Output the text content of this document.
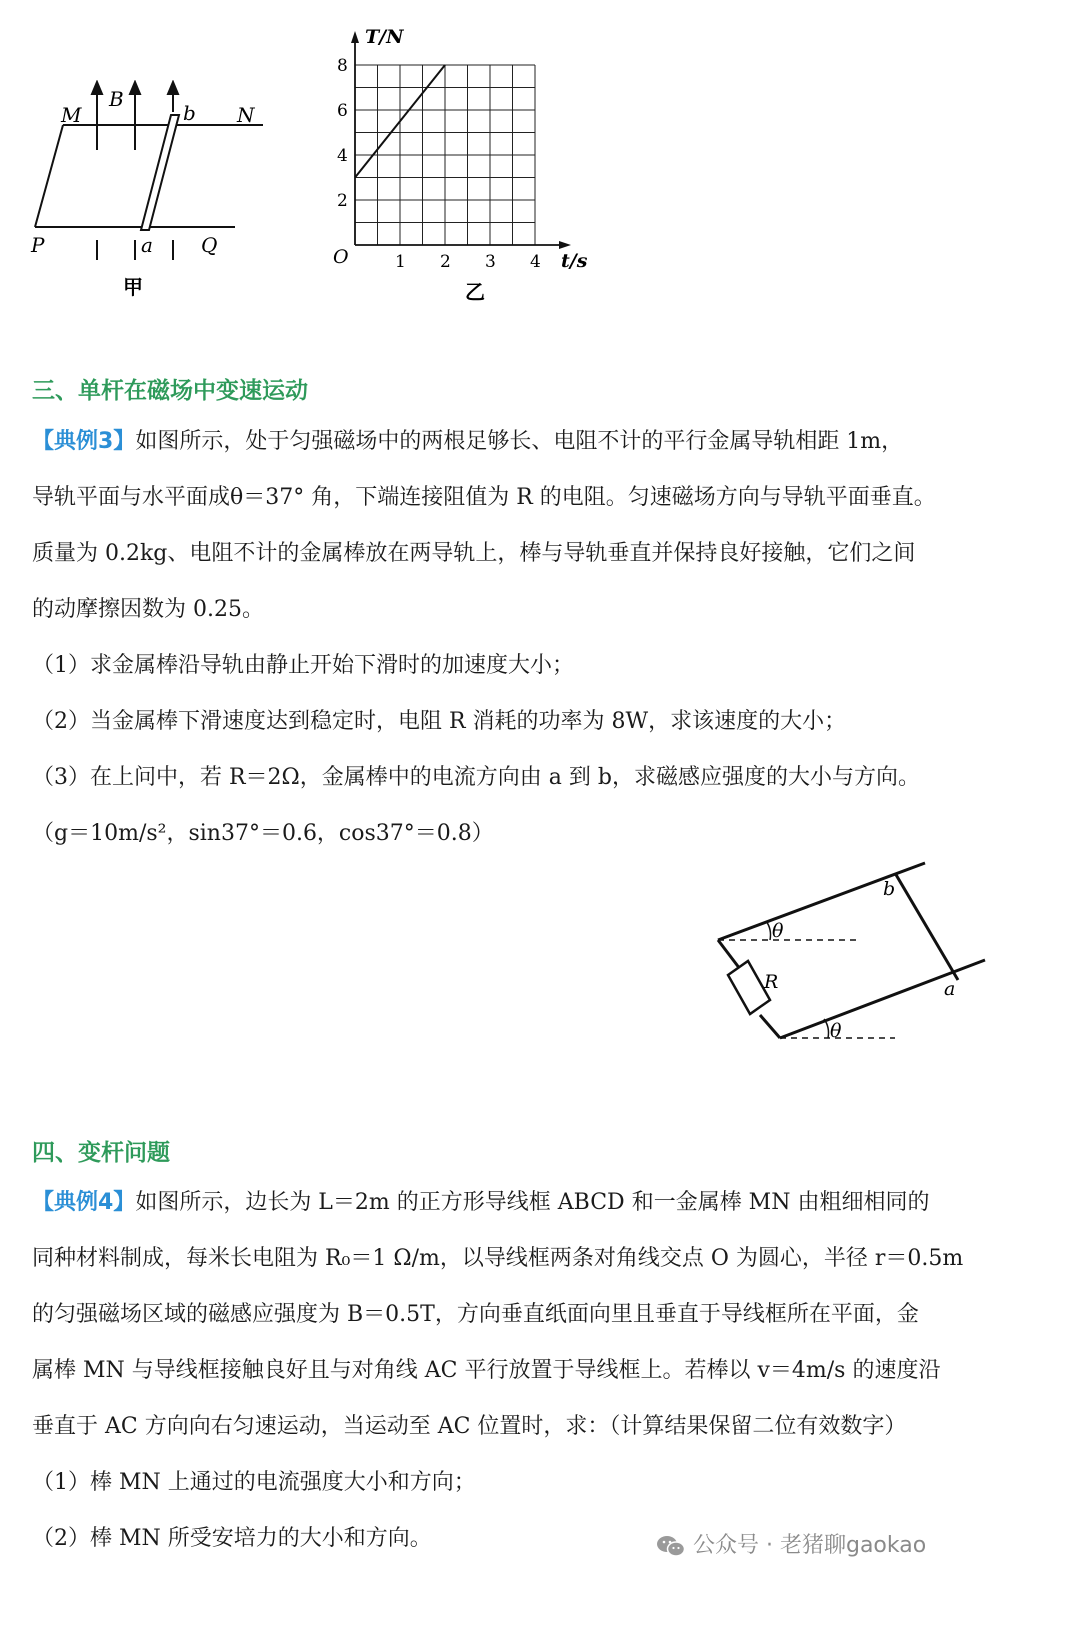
M	N
P	Q
a
b
B
甲
1 2 3 4
2
4
6
8
T/N
t/s
O
乙
三、单杆在磁场中变速运动
【典例3】如图所示，处于匀强磁场中的两根足够长、电阻不计的平行金属导轨相距 1m，
导轨平面与水平面成θ＝37° 角，下端连接阻值为 R 的电阻。匀速磁场方向与导轨平面垂直。
质量为 0.2kg、电阻不计的金属棒放在两导轨上，棒与导轨垂直并保持良好接触，它们之间
的动摩擦因数为 0.25。
（1）求金属棒沿导轨由静止开始下滑时的加速度大小；
（2）当金属棒下滑速度达到稳定时，电阻 R 消耗的功率为 8W，求该速度的大小；
（3）在上问中，若 R＝2Ω，金属棒中的电流方向由 a 到 b，求磁感应强度的大小与方向。
（g＝10m/s²，sin37°＝0.6，cos37°＝0.8）
θ
θ
R	a
b
四、变杆问题
【典例4】如图所示，边长为 L＝2m 的正方形导线框 ABCD 和一金属棒 MN 由粗细相同的
同种材料制成，每米长电阻为 R₀＝1 Ω/m，以导线框两条对角线交点 O 为圆心，半径 r＝0.5m
的匀强磁场区域的磁感应强度为 B＝0.5T，方向垂直纸面向里且垂直于导线框所在平面，金
属棒 MN 与导线框接触良好且与对角线 AC 平行放置于导线框上。若棒以 v＝4m/s 的速度沿
垂直于 AC 方向向右匀速运动，当运动至 AC 位置时，求：（计算结果保留二位有效数字）
（1）棒 MN 上通过的电流强度大小和方向；
（2）棒 MN 所受安培力的大小和方向。	公众号 · 老猪聊gaokao
